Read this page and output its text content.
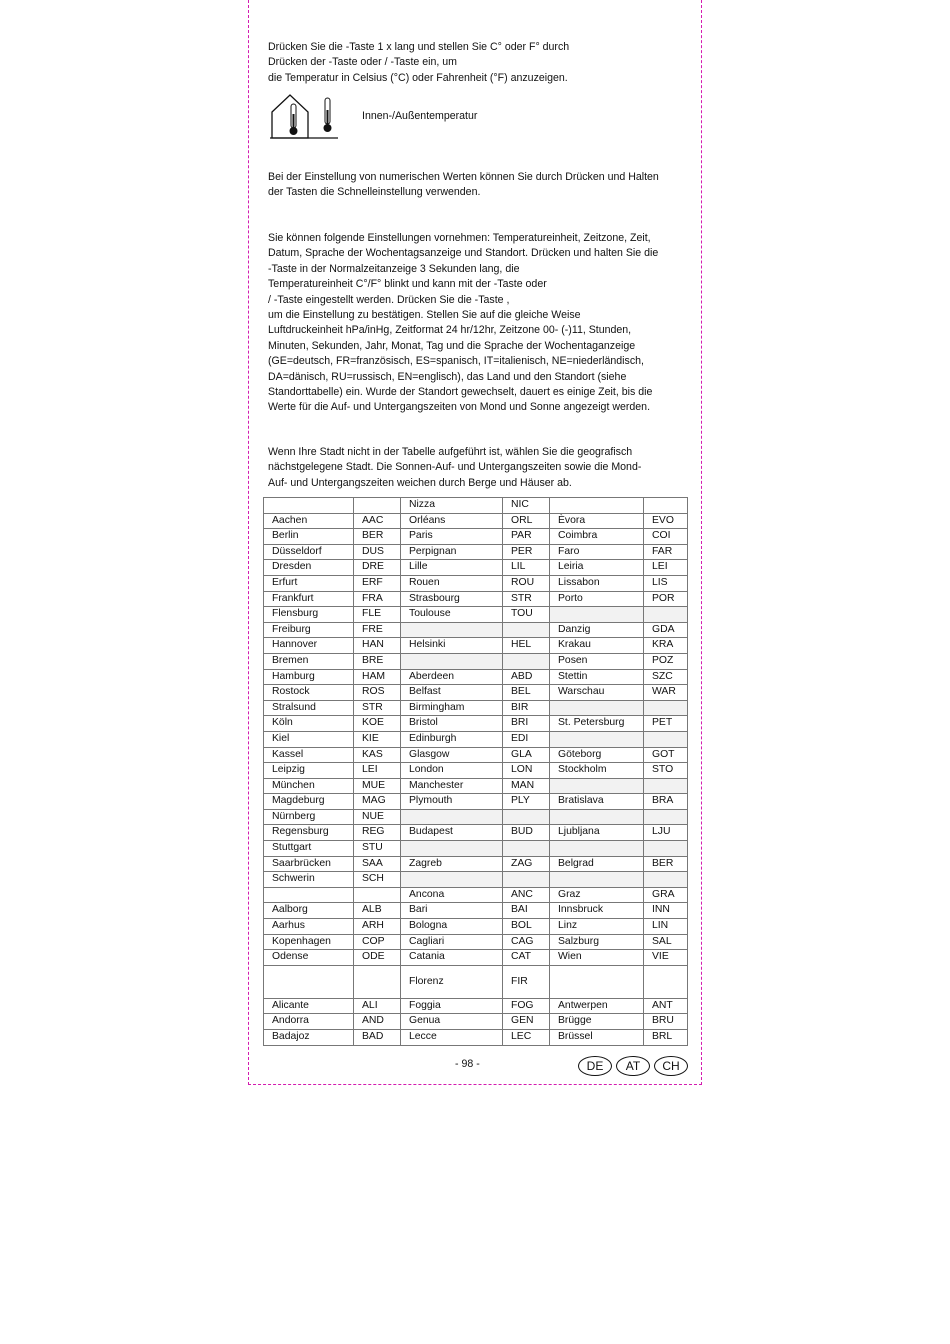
Drücken Sie die -Taste 1 x lang und stellen Sie C° oder F° durch
Drücken der -Taste oder / -Taste ein, um
die Temperatur in Celsius (°C) oder Fahrenheit (°F) anzuzeigen.
Innen-/Außentemperatur
Bei der Einstellung von numerischen Werten können Sie durch Drücken und Halten
der Tasten die Schnelleinstellung verwenden.
Sie können folgende Einstellungen vornehmen: Temperatureinheit, Zeitzone, Zeit,
Datum, Sprache der Wochentagsanzeige und Standort. Drücken und halten Sie die
-Taste in der Normalzeitanzeige 3 Sekunden lang, die
Temperatureinheit C°/F° blinkt und kann mit der -Taste oder
/ -Taste eingestellt werden. Drücken Sie die -Taste ,
um die Einstellung zu bestätigen. Stellen Sie auf die gleiche Weise
Luftdruckeinheit hPa/inHg, Zeitformat 24 hr/12hr, Zeitzone 00- (-)11, Stunden,
Minuten, Sekunden, Jahr, Monat, Tag und die Sprache der Wochentaganzeige
(GE=deutsch, FR=französisch, ES=spanisch, IT=italienisch, NE=niederländisch,
DA=dänisch, RU=russisch, EN=englisch), das Land und den Standort (siehe
Standorttabelle) ein. Wurde der Standort gewechselt, dauert es einige Zeit, bis die
Werte für die Auf- und Untergangszeiten von Mond und Sonne angezeigt werden.
Wenn Ihre Stadt nicht in der Tabelle aufgeführt ist, wählen Sie die geografisch
nächstgelegene Stadt. Die Sonnen-Auf- und Untergangszeiten sowie die Mond-
Auf- und Untergangszeiten weichen durch Berge und Häuser ab.
		Nizza	NIC		
Aachen	AAC	Orléans	ORL	Èvora	EVO
Berlin	BER	Paris	PAR	Coimbra	COI
Düsseldorf	DUS	Perpignan	PER	Faro	FAR
Dresden	DRE	Lille	LIL	Leiria	LEI
Erfurt	ERF	Rouen	ROU	Lissabon	LIS
Frankfurt	FRA	Strasbourg	STR	Porto	POR
Flensburg	FLE	Toulouse	TOU		
Freiburg	FRE			Danzig	GDA
Hannover	HAN	Helsinki	HEL	Krakau	KRA
Bremen	BRE			Posen	POZ
Hamburg	HAM	Aberdeen	ABD	Stettin	SZC
Rostock	ROS	Belfast	BEL	Warschau	WAR
Stralsund	STR	Birmingham	BIR		
Köln	KOE	Bristol	BRI	St. Petersburg	PET
Kiel	KIE	Edinburgh	EDI		
Kassel	KAS	Glasgow	GLA	Göteborg	GOT
Leipzig	LEI	London	LON	Stockholm	STO
München	MUE	Manchester	MAN		
Magdeburg	MAG	Plymouth	PLY	Bratislava	BRA
Nürnberg	NUE				
Regensburg	REG	Budapest	BUD	Ljubljana	LJU
Stuttgart	STU				
Saarbrücken	SAA	Zagreb	ZAG	Belgrad	BER
Schwerin	SCH				
		Ancona	ANC	Graz	GRA
Aalborg	ALB	Bari	BAI	Innsbruck	INN
Aarhus	ARH	Bologna	BOL	Linz	LIN
Kopenhagen	COP	Cagliari	CAG	Salzburg	SAL
Odense	ODE	Catania	CAT	Wien	VIE
		Florenz	FIR		
Alicante	ALI	Foggia	FOG	Antwerpen	ANT
Andorra	AND	Genua	GEN	Brügge	BRU
Badajoz	BAD	Lecce	LEC	Brüssel	BRL
- 98 -	DE	AT	CH
